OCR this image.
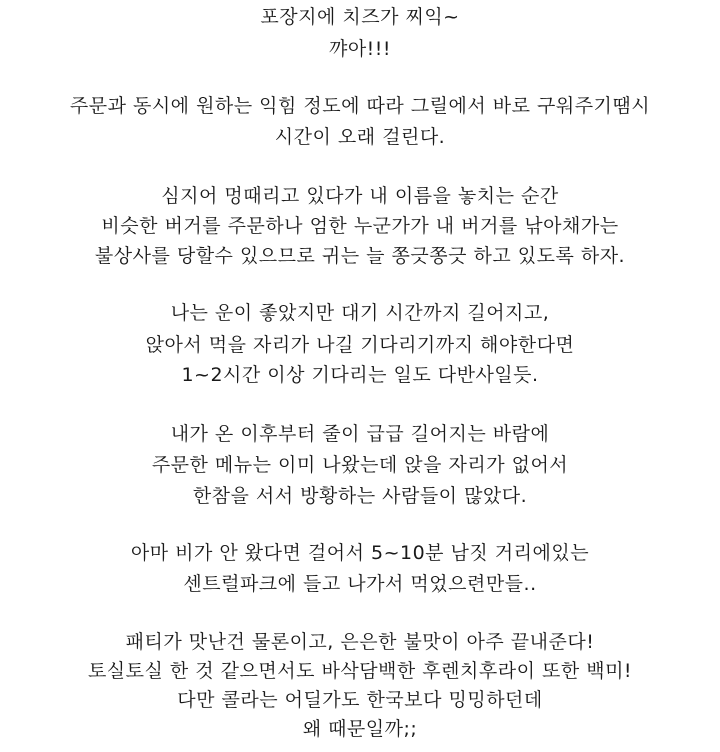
포장지에 치즈가 찌익~
꺄아!!!
주문과 동시에 원하는 익힘 정도에 따라 그릴에서 바로 구워주기땜시
시간이 오래 걸린다.
심지어 멍때리고 있다가 내 이름을 놓치는 순간
비슷한 버거를 주문하나 엄한 누군가가 내 버거를 낚아채가는
불상사를 당할수 있으므로 귀는 늘 쫑긋쫑긋 하고 있도록 하자.
나는 운이 좋았지만 대기 시간까지 길어지고,
앉아서 먹을 자리가 나길 기다리기까지 해야한다면
1~2시간 이상 기다리는 일도 다반사일듯.
내가 온 이후부터 줄이 급급 길어지는 바람에
주문한 메뉴는 이미 나왔는데 앉을 자리가 없어서
한참을 서서 방황하는 사람들이 많았다.
아마 비가 안 왔다면 걸어서 5~10분 남짓 거리에있는
센트럴파크에 들고 나가서 먹었으련만들..
패티가 맛난건 물론이고, 은은한 불맛이 아주 끝내준다!
토실토실 한 것 같으면서도 바삭담백한 후렌치후라이 또한 백미!
다만 콜라는 어딜가도 한국보다 밍밍하던데
왜 때문일까;;
